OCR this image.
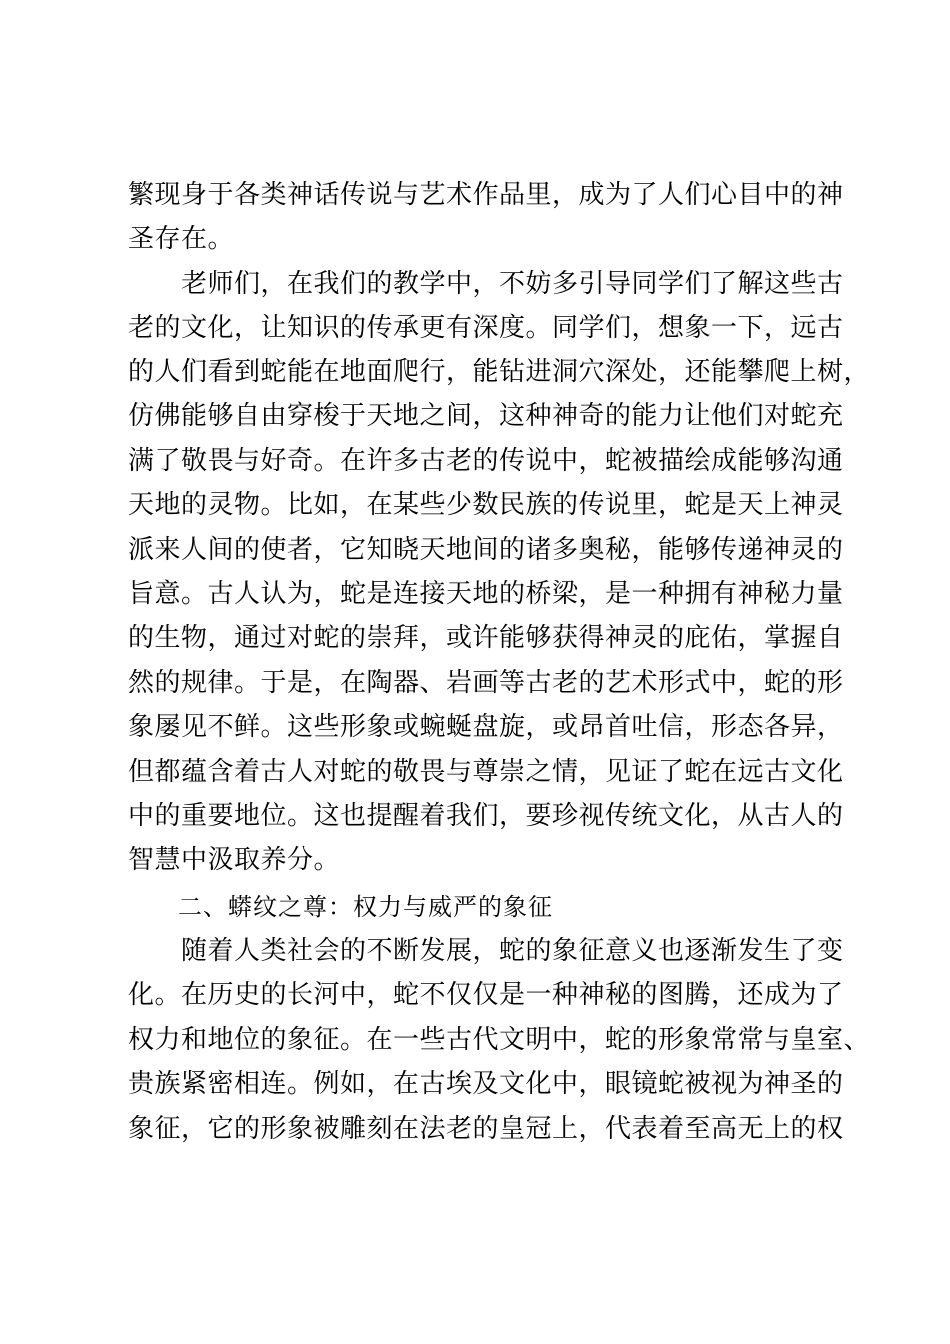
繁现身于各类神话传说与艺术作品里，成为了人们心目中的神
圣存在。
　　老师们，在我们的教学中，不妨多引导同学们了解这些古
老的文化，让知识的传承更有深度。同学们，想象一下，远古
的人们看到蛇能在地面爬行，能钻进洞穴深处，还能攀爬上树，
仿佛能够自由穿梭于天地之间，这种神奇的能力让他们对蛇充
满了敬畏与好奇。在许多古老的传说中，蛇被描绘成能够沟通
天地的灵物。比如，在某些少数民族的传说里，蛇是天上神灵
派来人间的使者，它知晓天地间的诸多奥秘，能够传递神灵的
旨意。古人认为，蛇是连接天地的桥梁，是一种拥有神秘力量
的生物，通过对蛇的崇拜，或许能够获得神灵的庇佑，掌握自
然的规律。于是，在陶器、岩画等古老的艺术形式中，蛇的形
象屡见不鲜。这些形象或蜿蜒盘旋，或昂首吐信，形态各异，
但都蕴含着古人对蛇的敬畏与尊崇之情，见证了蛇在远古文化
中的重要地位。这也提醒着我们，要珍视传统文化，从古人的
智慧中汲取养分。
　　二、蟒纹之尊：权力与威严的象征
　　随着人类社会的不断发展，蛇的象征意义也逐渐发生了变
化。在历史的长河中，蛇不仅仅是一种神秘的图腾，还成为了
权力和地位的象征。在一些古代文明中，蛇的形象常常与皇室、
贵族紧密相连。例如，在古埃及文化中，眼镜蛇被视为神圣的
象征，它的形象被雕刻在法老的皇冠上，代表着至高无上的权
